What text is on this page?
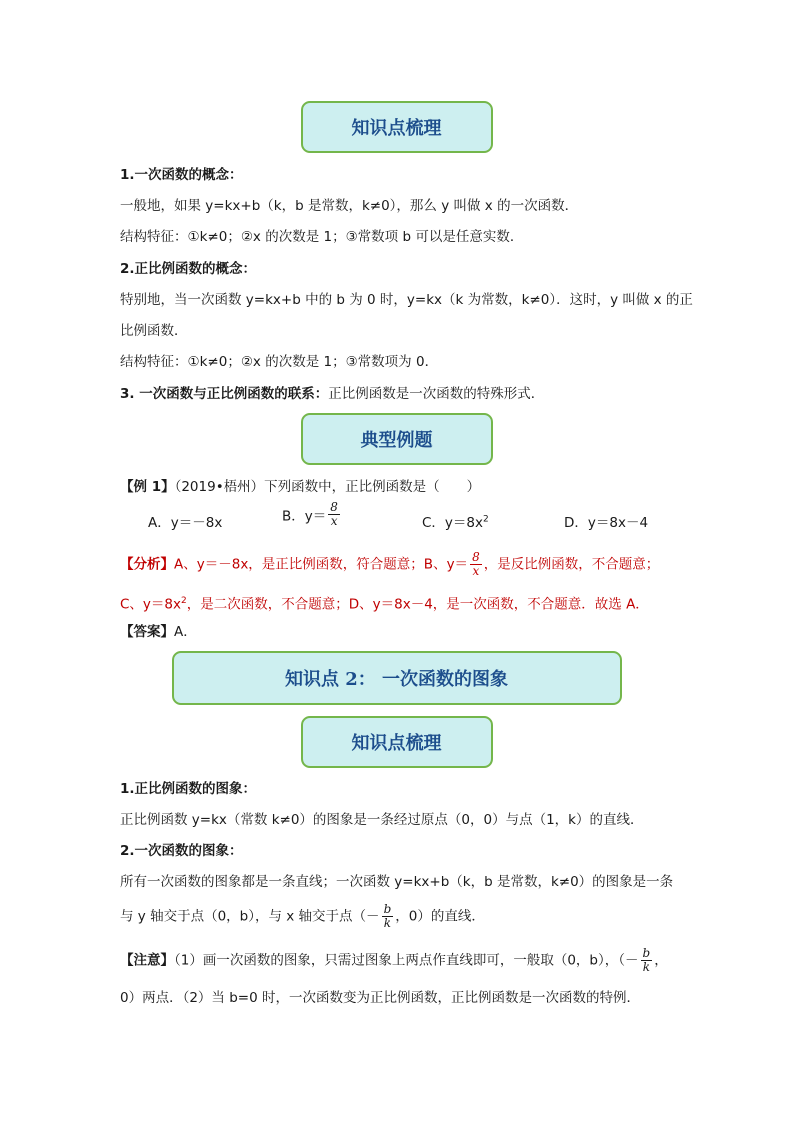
知识点梳理
1.一次函数的概念：
一般地，如果 y=kx+b（k，b 是常数，k≠0），那么 y 叫做 x 的一次函数．
结构特征：①k≠0；②x 的次数是 1；③常数项 b 可以是任意实数．
2.正比例函数的概念：
特别地，当一次函数 y=kx+b 中的 b 为 0 时，y=kx（k 为常数，k≠0）．这时，y 叫做 x 的正
比例函数．
结构特征：①k≠0；②x 的次数是 1；③常数项为 0．
3. 一次函数与正比例函数的联系：正比例函数是一次函数的特殊形式．
典型例题
【例 1】（2019•梧州）下列函数中，正比例函数是（　　）
A．y＝－8x	B．$y= \frac{8}{x}$	C．$y=8x^2$	D．y＝8x－4
【分析】A、y＝－8x，是正比例函数，符合题意；B、$y= \frac{8}{x}$ ，是反比例函数，不合题意；
C、$y=8x^2$，是二次函数，不合题意；D、y＝8x－4，是一次函数，不合题意．故选 A．
【答案】A．
知识点 2： 一次函数的图象
知识点梳理
1.正比例函数的图象：
正比例函数 y=kx（常数 k≠0）的图象是一条经过原点（0，0）与点（1，k）的直线．
2.一次函数的图象：
所有一次函数的图象都是一条直线；一次函数 y=kx+b（k，b 是常数，k≠0）的图象是一条
与 y 轴交于点（0，b），与 x 轴交于点（－ $\frac{b}{k}$ ，0）的直线．
【注意】（1）画一次函数的图象，只需过图象上两点作直线即可，一般取（0，b），（－ $\frac{b}{k}$ ，
0）两点．（2）当 b=0 时，一次函数变为正比例函数，正比例函数是一次函数的特例．
